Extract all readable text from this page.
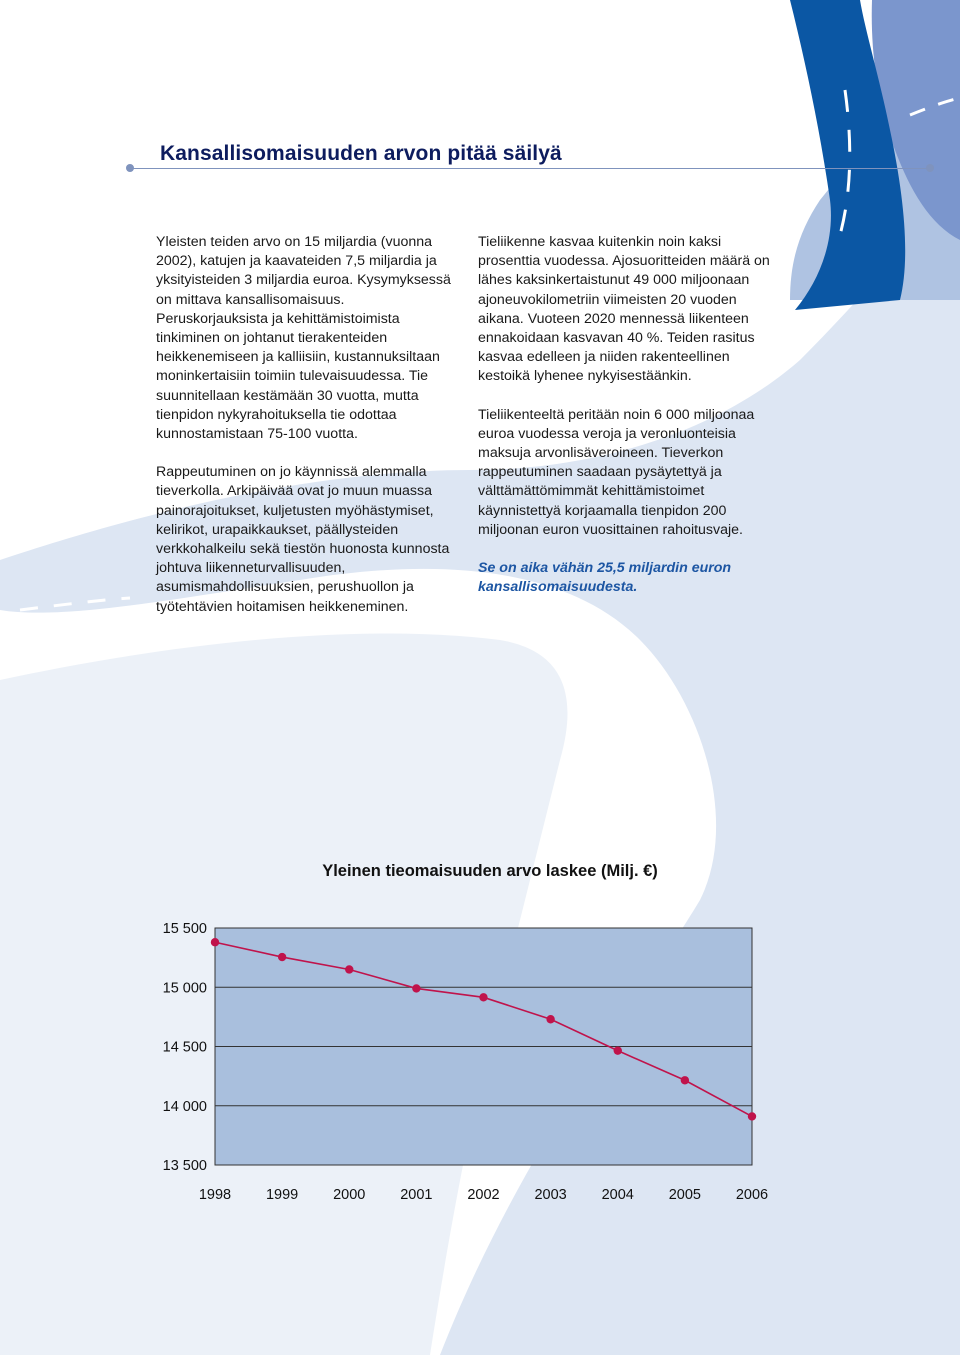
Kansallisomaisuuden arvon pitää säilyä

Yleisten teiden arvo on 15 miljardia (vuonna 2002), katujen ja kaavateiden 7,5 miljardia ja yksityisteiden 3 miljardia euroa. Kysymyksessä on mittava kansallisomaisuus. Peruskorjauksista ja kehittämistoimista tinkiminen on johtanut tierakenteiden heikkenemiseen ja kalliisiin, kustannuksiltaan moninkertaisiin toimiin tulevaisuudessa. Tie suunnitellaan kestämään 30 vuotta, mutta tienpidon nykyrahoituksella tie odottaa kunnostamistaan 75-100 vuotta.

Rappeutuminen on jo käynnissä alemmalla tieverkolla. Arkipäivää ovat jo muun muassa painorajoitukset, kuljetusten myöhästymiset, kelirikot, urapaikkaukset, päällysteiden verkkohalkeilu sekä tiestön huonosta kunnosta johtuva liikenneturvallisuuden, asumismahdollisuuksien, perushuollon ja työtehtävien hoitamisen heikkeneminen.

Tieliikenne kasvaa kuitenkin noin kaksi prosenttia vuodessa. Ajosuoritteiden määrä on lähes kaksinkertaistunut 49 000 miljoonaan ajoneuvokilometriin viimeisten 20 vuoden aikana. Vuoteen 2020 mennessä liikenteen ennakoidaan kasvavan 40 %. Teiden rasitus kasvaa edelleen ja niiden rakenteellinen kestoikä lyhenee nykyisestäänkin.

Tieliikenteeltä peritään noin 6 000 miljoonaa euroa vuodessa veroja ja veronluonteisia maksuja arvonlisäveroineen. Tieverkon rappeutuminen saadaan pysäytettyä ja välttämättömimmät kehittämistoimet käynnistettyä korjaamalla tienpidon 200 miljoonan euron vuosittainen rahoitusvaje.

Se on aika vähän 25,5 miljardin euron kansallisomaisuudesta.

Yleinen tieomaisuuden arvo laskee (Milj. €)
13 500
14 000
14 500
15 000
15 500
1998 1999 2000 2001 2002 2003 2004 2005 2006
